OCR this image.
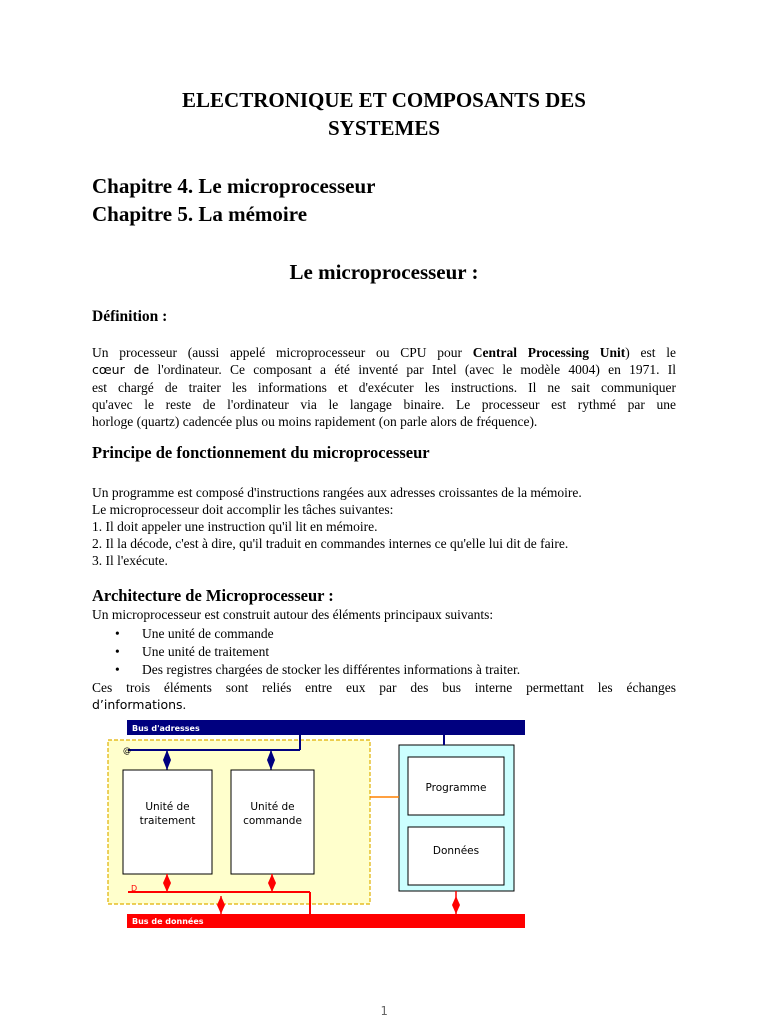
ELECTRONIQUE ET COMPOSANTS DES
SYSTEMES
Chapitre 4. Le microprocesseur
Chapitre 5. La mémoire
Le microprocesseur :
Définition :
Un processeur (aussi appelé microprocesseur ou CPU pour Central Processing Unit) est le
cœur de l'ordinateur. Ce composant a été inventé par Intel (avec le modèle 4004) en 1971. Il
est chargé de traiter les informations et d'exécuter les instructions. Il ne sait communiquer
qu'avec le reste de l'ordinateur via le langage binaire. Le processeur est rythmé par une
horloge (quartz) cadencée plus ou moins rapidement (on parle alors de fréquence).
Principe de fonctionnement du microprocesseur
Un programme est composé d'instructions rangées aux adresses croissantes de la mémoire.
Le microprocesseur doit accomplir les tâches suivantes:
1. Il doit appeler une instruction qu'il lit en mémoire.
2. Il la décode, c'est à dire, qu'il traduit en commandes internes ce qu'elle lui dit de faire.
3. Il l'exécute.
Architecture de Microprocesseur :
Un microprocesseur est construit autour des éléments principaux suivants:
• Une unité de commande
• Une unité de traitement
• Des registres chargées de stocker les différentes informations à traiter.
Ces trois éléments sont reliés entre eux par des bus interne permettant les échanges
d’informations.
Bus d'adresses
@
Unité de
traitement
Unité de
commande
D
Programme
Données
Bus de données
1
